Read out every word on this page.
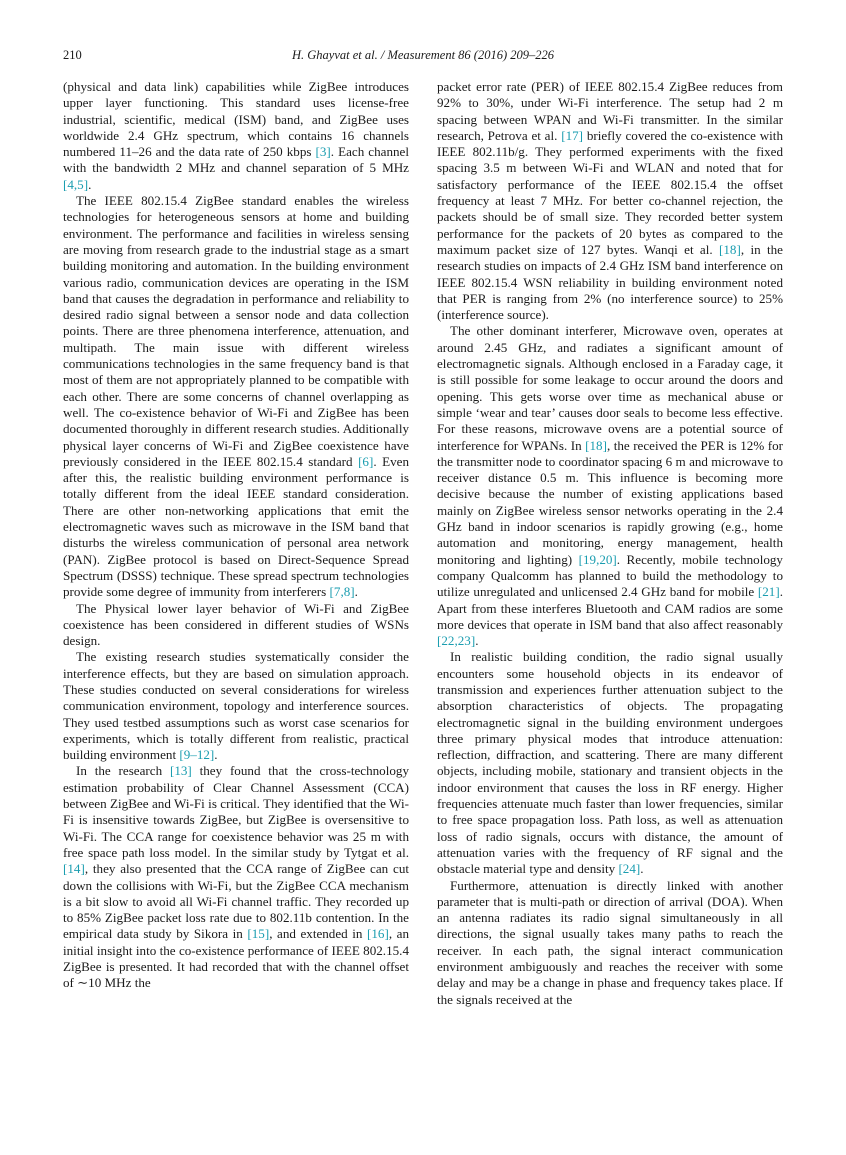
210	H. Ghayvat et al. / Measurement 86 (2016) 209–226

(physical and data link) capabilities while ZigBee introduces upper layer functioning. This standard uses license-free industrial, scientific, medical (ISM) band, and ZigBee uses worldwide 2.4 GHz spectrum, which contains 16 channels numbered 11–26 and the data rate of 250 kbps [3]. Each channel with the bandwidth 2 MHz and channel separation of 5 MHz [4,5].

The IEEE 802.15.4 ZigBee standard enables the wireless technologies for heterogeneous sensors at home and building environment. The performance and facilities in wireless sensing are moving from research grade to the industrial stage as a smart building monitoring and automation. In the building environment various radio, communication devices are operating in the ISM band that causes the degradation in performance and reliability to desired radio signal between a sensor node and data collection points. There are three phenomena interference, attenuation, and multipath. The main issue with different wireless communications technologies in the same frequency band is that most of them are not appropriately planned to be compatible with each other. There are some concerns of channel overlapping as well. The co-existence behavior of Wi-Fi and ZigBee has been documented thoroughly in different research studies. Additionally physical layer concerns of Wi-Fi and ZigBee coexistence have previously considered in the IEEE 802.15.4 standard [6]. Even after this, the realistic building environment performance is totally different from the ideal IEEE standard consideration. There are other non-networking applications that emit the electromagnetic waves such as microwave in the ISM band that disturbs the wireless communication of personal area network (PAN). ZigBee protocol is based on Direct-Sequence Spread Spectrum (DSSS) technique. These spread spectrum technologies provide some degree of immunity from interferers [7,8].

The Physical lower layer behavior of Wi-Fi and ZigBee coexistence has been considered in different studies of WSNs design.

The existing research studies systematically consider the interference effects, but they are based on simulation approach. These studies conducted on several considerations for wireless communication environment, topology and interference sources. They used testbed assumptions such as worst case scenarios for experiments, which is totally different from realistic, practical building environment [9–12].

In the research [13] they found that the cross-technology estimation probability of Clear Channel Assessment (CCA) between ZigBee and Wi-Fi is critical. They identified that the Wi-Fi is insensitive towards ZigBee, but ZigBee is oversensitive to Wi-Fi. The CCA range for coexistence behavior was 25 m with free space path loss model. In the similar study by Tytgat et al. [14], they also presented that the CCA range of ZigBee can cut down the collisions with Wi-Fi, but the ZigBee CCA mechanism is a bit slow to avoid all Wi-Fi channel traffic. They recorded up to 85% ZigBee packet loss rate due to 802.11b contention. In the empirical data study by Sikora in [15], and extended in [16], an initial insight into the co-existence performance of IEEE 802.15.4 ZigBee is presented. It had recorded that with the channel offset of ∼10 MHz the

packet error rate (PER) of IEEE 802.15.4 ZigBee reduces from 92% to 30%, under Wi-Fi interference. The setup had 2 m spacing between WPAN and Wi-Fi transmitter. In the similar research, Petrova et al. [17] briefly covered the co-existence with IEEE 802.11b/g. They performed experiments with the fixed spacing 3.5 m between Wi-Fi and WLAN and noted that for satisfactory performance of the IEEE 802.15.4 the offset frequency at least 7 MHz. For better co-channel rejection, the packets should be of small size. They recorded better system performance for the packets of 20 bytes as compared to the maximum packet size of 127 bytes. Wanqi et al. [18], in the research studies on impacts of 2.4 GHz ISM band interference on IEEE 802.15.4 WSN reliability in building environment noted that PER is ranging from 2% (no interference source) to 25% (interference source).

The other dominant interferer, Microwave oven, operates at around 2.45 GHz, and radiates a significant amount of electromagnetic signals. Although enclosed in a Faraday cage, it is still possible for some leakage to occur around the doors and opening. This gets worse over time as mechanical abuse or simple ‘wear and tear’ causes door seals to become less effective. For these reasons, microwave ovens are a potential source of interference for WPANs. In [18], the received the PER is 12% for the transmitter node to coordinator spacing 6 m and microwave to receiver distance 0.5 m. This influence is becoming more decisive because the number of existing applications based mainly on ZigBee wireless sensor networks operating in the 2.4 GHz band in indoor scenarios is rapidly growing (e.g., home automation and monitoring, energy management, health monitoring and lighting) [19,20]. Recently, mobile technology company Qualcomm has planned to build the methodology to utilize unregulated and unlicensed 2.4 GHz band for mobile [21]. Apart from these interferes Bluetooth and CAM radios are some more devices that operate in ISM band that also affect reasonably [22,23].

In realistic building condition, the radio signal usually encounters some household objects in its endeavor of transmission and experiences further attenuation subject to the absorption characteristics of objects. The propagating electromagnetic signal in the building environment undergoes three primary physical modes that introduce attenuation: reflection, diffraction, and scattering. There are many different objects, including mobile, stationary and transient objects in the indoor environment that causes the loss in RF energy. Higher frequencies attenuate much faster than lower frequencies, similar to free space propagation loss. Path loss, as well as attenuation loss of radio signals, occurs with distance, the amount of attenuation varies with the frequency of RF signal and the obstacle material type and density [24].

Furthermore, attenuation is directly linked with another parameter that is multi-path or direction of arrival (DOA). When an antenna radiates its radio signal simultaneously in all directions, the signal usually takes many paths to reach the receiver. In each path, the signal interact communication environment ambiguously and reaches the receiver with some delay and may be a change in phase and frequency takes place. If the signals received at the
